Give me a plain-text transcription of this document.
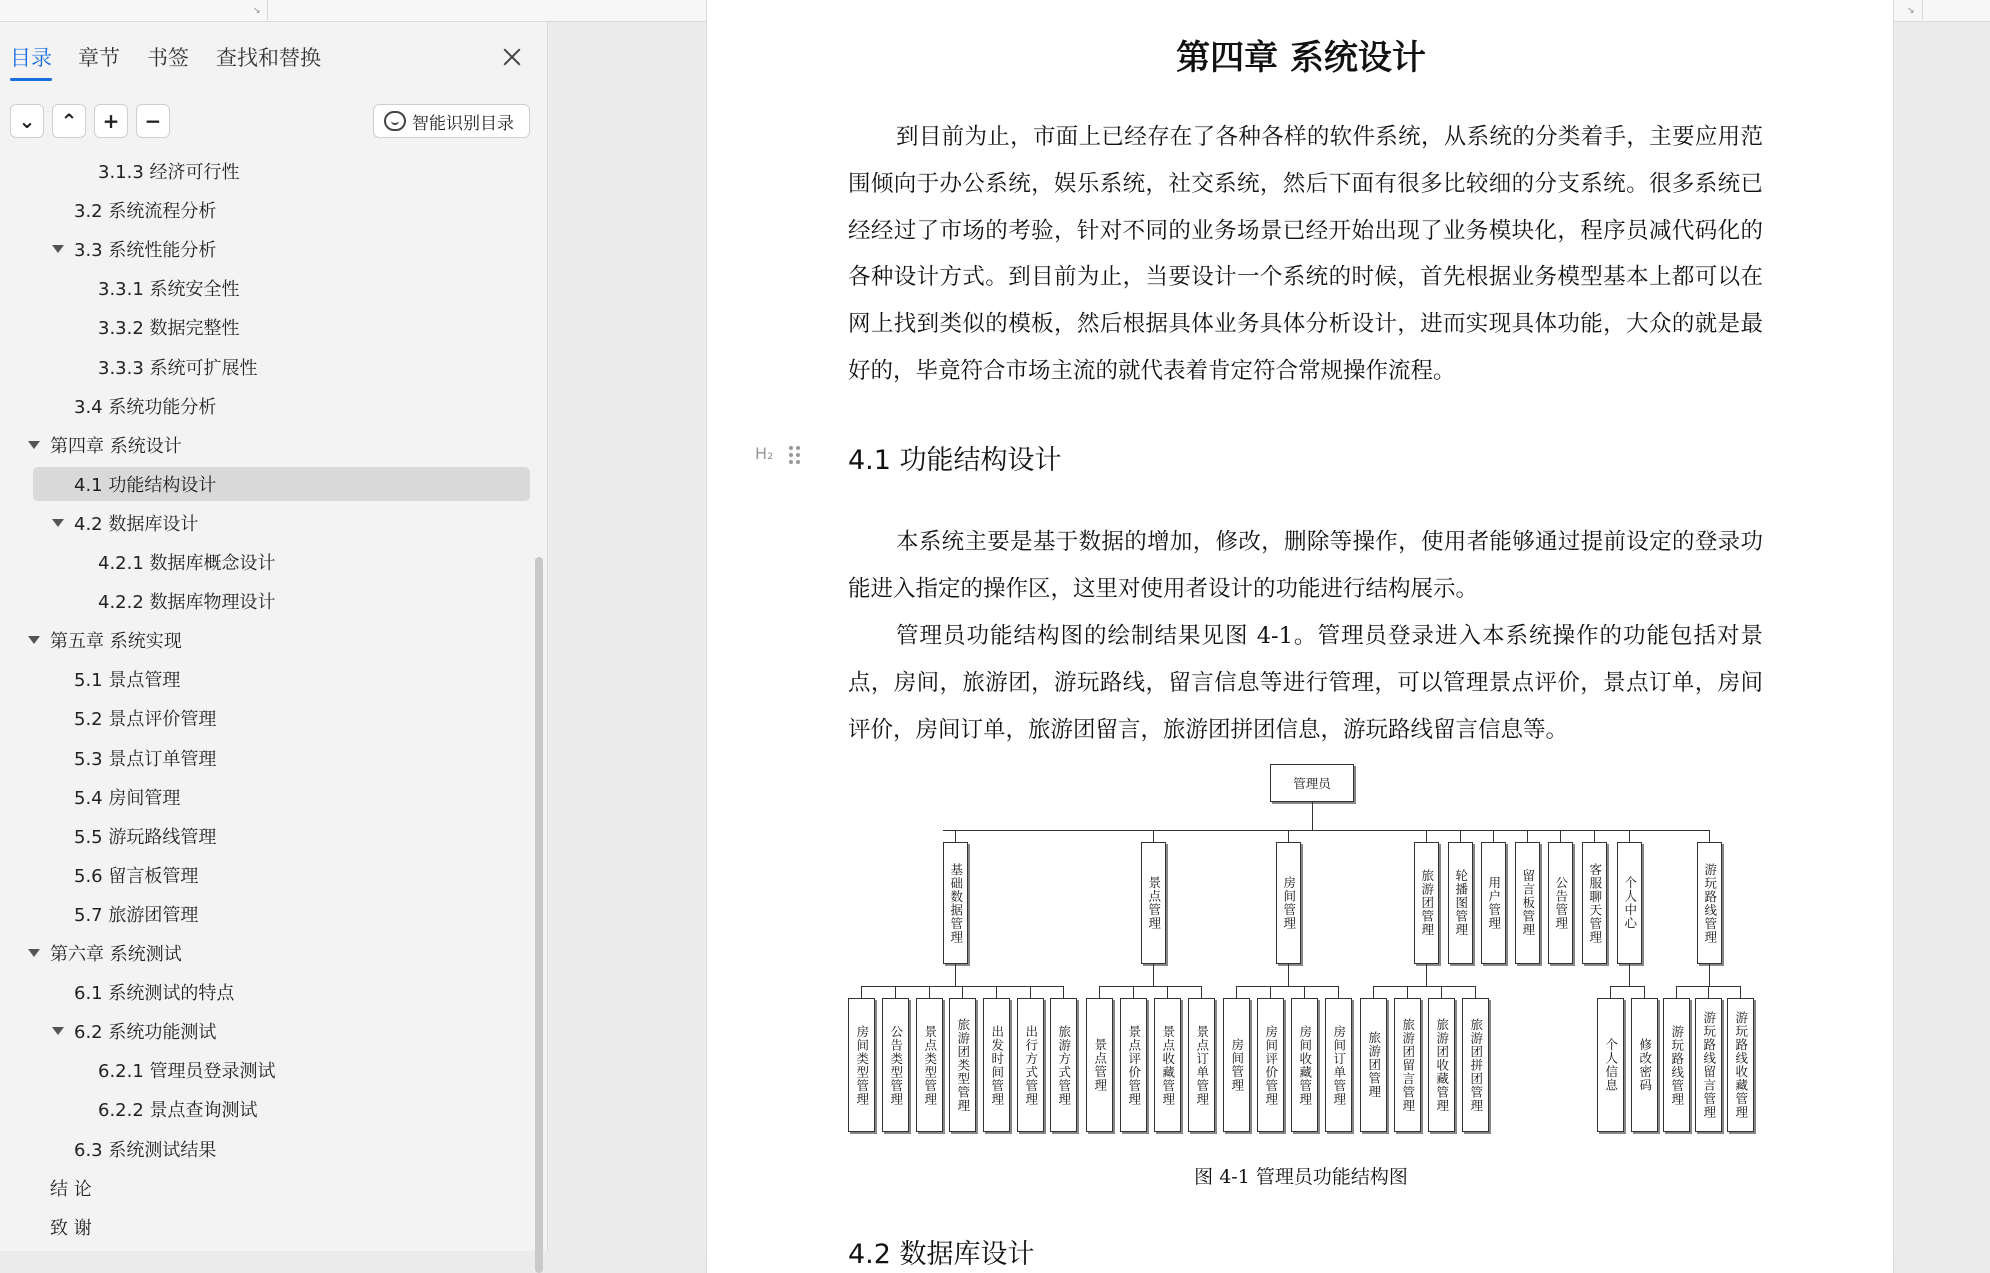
↘	↘
目录 章节 书签 查找和替换
⌄ ⌃ + −	智能识别目录
3.1.3 经济可行性
3.2 系统流程分析
3.3 系统性能分析
3.3.1 系统安全性
3.3.2 数据完整性
3.3.3 系统可扩展性
3.4 系统功能分析
第四章 系统设计
4.1 功能结构设计
4.2 数据库设计
4.2.1 数据库概念设计
4.2.2 数据库物理设计
第五章 系统实现
5.1 景点管理
5.2 景点评价管理
5.3 景点订单管理
5.4 房间管理
5.5 游玩路线管理
5.6 留言板管理
5.7 旅游团管理
第六章 系统测试
6.1 系统测试的特点
6.2 系统功能测试
6.2.1 管理员登录测试
6.2.2 景点查询测试
6.3 系统测试结果
结 论
致 谢
第四章 系统设计

到目前为止，市面上已经存在了各种各样的软件系统，从系统的分类着手，主要应用范围倾向于办公系统，娱乐系统，社交系统，然后下面有很多比较细的分支系统。很多系统已经经过了市场的考验，针对不同的业务场景已经开始出现了业务模块化，程序员减代码化的各种设计方式。到目前为止，当要设计一个系统的时候，首先根据业务模型基本上都可以在网上找到类似的模板，然后根据具体业务具体分析设计，进而实现具体功能，大众的就是最好的，毕竟符合市场主流的就代表着肯定符合常规操作流程。

H₂	4.1 功能结构设计

本系统主要是基于数据的增加，修改，删除等操作，使用者能够通过提前设定的登录功能进入指定的操作区，这里对使用者设计的功能进行结构展示。

管理员功能结构图的绘制结果见图 4-1。管理员登录进入本系统操作的功能包括对景点，房间，旅游团，游玩路线，留言信息等进行管理，可以管理景点评价，景点订单，房间评价，房间订单，旅游团留言，旅游团拼团信息，游玩路线留言信息等。

管理员
基础数据管理	景点管理	房间管理	旅游团管理	轮播图管理	用户管理	留言板管理	公告管理	客服聊天管理	个人中心	游玩路线管理
房间类型管理	公告类型管理	景点类型管理	旅游团类型管理	出发时间管理	出行方式管理	旅游方式管理	景点管理	景点评价管理	景点收藏管理	景点订单管理	房间管理	房间评价管理	房间收藏管理	房间订单管理	旅游团管理	旅游团留言管理	旅游团收藏管理	旅游团拼团管理	个人信息	修改密码	游玩路线管理	游玩路线留言管理	游玩路线收藏管理
图 4-1 管理员功能结构图
4.2 数据库设计
